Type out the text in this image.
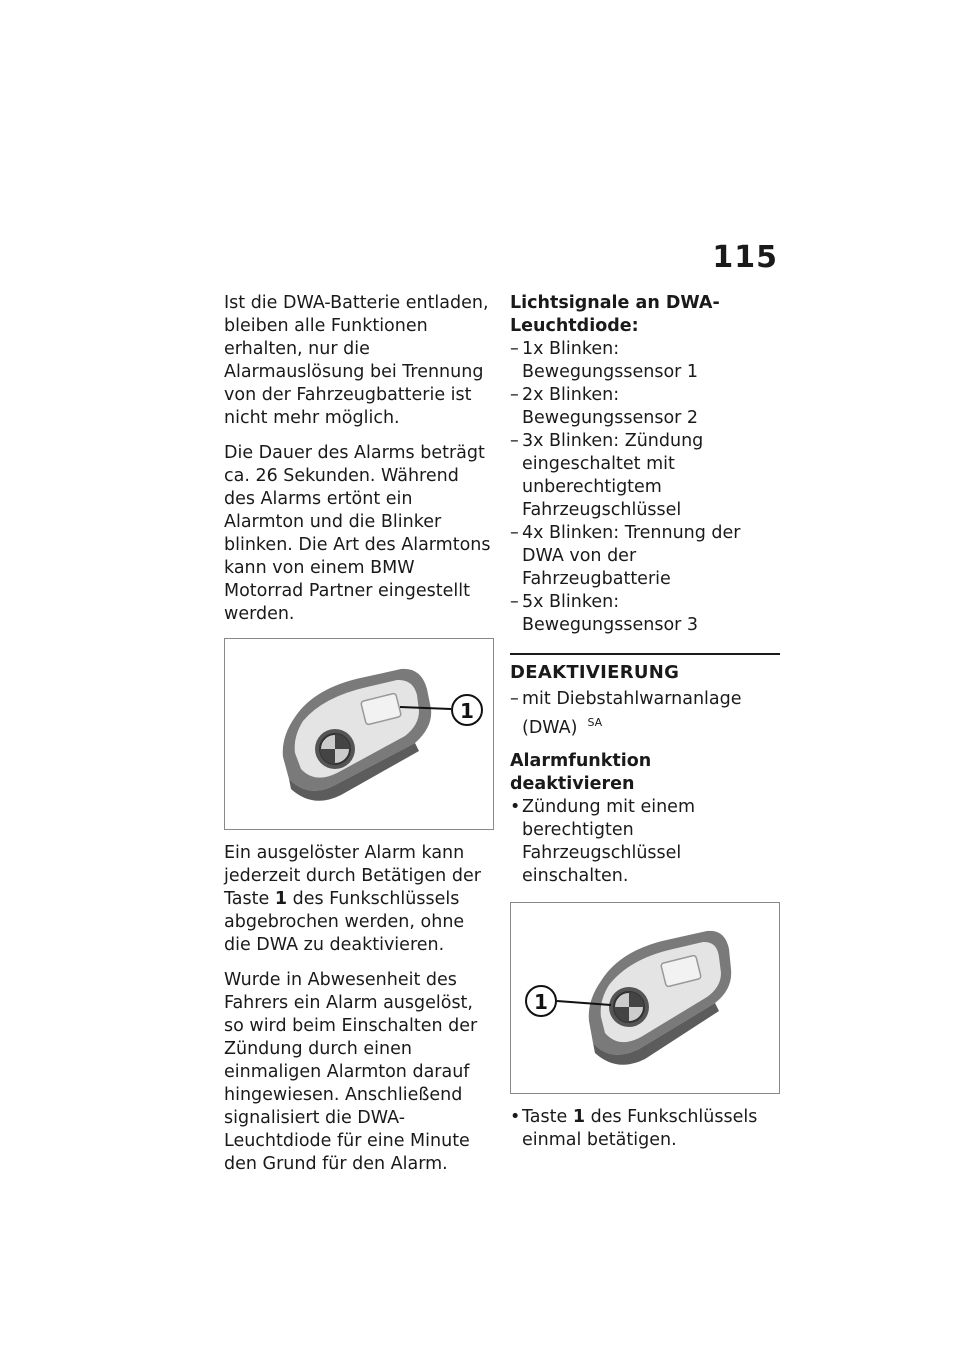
115

Ist die DWA-Batterie entladen, bleiben alle Funktionen erhalten, nur die Alarmauslösung bei Trennung von der Fahrzeugbatterie ist nicht mehr möglich.

Die Dauer des Alarms beträgt ca. 26 Sekunden. Während des Alarms ertönt ein Alarmton und die Blinker blinken. Die Art des Alarmtons kann von einem BMW Motorrad Partner eingestellt werden.

1

Ein ausgelöster Alarm kann jederzeit durch Betätigen der Taste 1 des Funkschlüssels abgebrochen werden, ohne die DWA zu deaktivieren.

Wurde in Abwesenheit des Fahrers ein Alarm ausgelöst, so wird beim Einschalten der Zündung durch einen einmaligen Alarmton darauf hingewiesen. Anschließend signalisiert die DWA-Leuchtdiode für eine Minute den Grund für den Alarm.

Lichtsignale an DWA-Leuchtdiode:
– 1x Blinken: Bewegungssensor 1
– 2x Blinken: Bewegungssensor 2
– 3x Blinken: Zündung eingeschaltet mit unberechtigtem Fahrzeugschlüssel
– 4x Blinken: Trennung der DWA von der Fahrzeugbatterie
– 5x Blinken: Bewegungssensor 3
DEAKTIVIERUNG
– mit Diebstahlwarnanlage (DWA) $^{SA}$
Alarmfunktion deaktivieren
• Zündung mit einem berechtigten Fahrzeugschlüssel einschalten.
1
• Taste 1 des Funkschlüssels einmal betätigen.
